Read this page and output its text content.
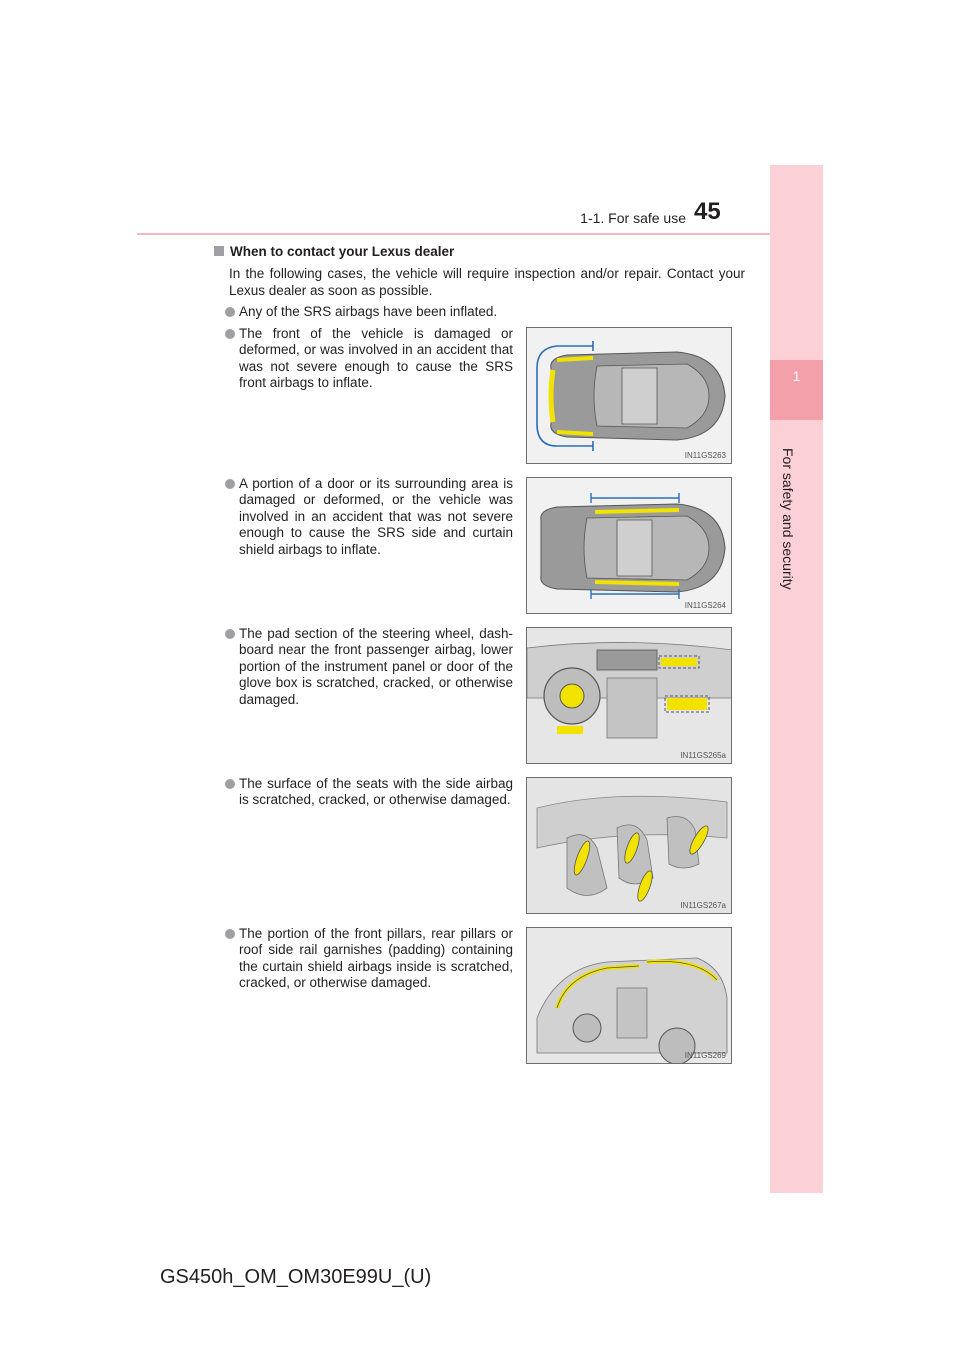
1-1. For safe use 45
1
For safety and security
When to contact your Lexus dealer
In the following cases, the vehicle will require inspection and/or repair. Contact your Lexus dealer as soon as possible.
Any of the SRS airbags have been inflated.
The front of the vehicle is damaged or deformed, or was involved in an accident that was not severe enough to cause the SRS front airbags to inflate.
A portion of a door or its surrounding area is damaged or deformed, or the vehicle was involved in an accident that was not severe enough to cause the SRS side and curtain shield airbags to inflate.
The pad section of the steering wheel, dash-board near the front passenger airbag, lower portion of the instrument panel or door of the glove box is scratched, cracked, or otherwise damaged.
The surface of the seats with the side airbag is scratched, cracked, or otherwise damaged.
The portion of the front pillars, rear pillars or roof side rail garnishes (padding) containing the curtain shield airbags inside is scratched, cracked, or otherwise damaged.
IN11GS263
IN11GS264
IN11GS265a
IN11GS267a
IN11GS269
GS450h_OM_OM30E99U_(U)
